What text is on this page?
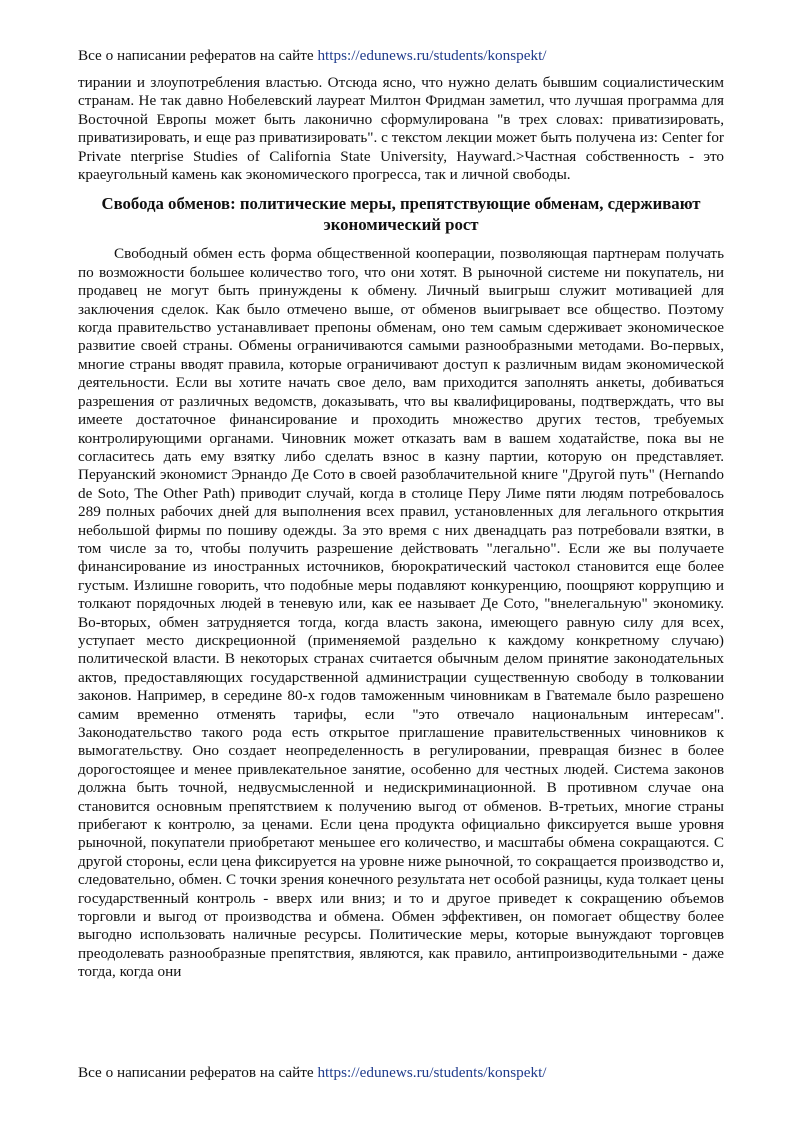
Все о написании рефератов на сайте https://edunews.ru/students/konspekt/

тирании и злоупотребления властью. Отсюда ясно, что нужно делать бывшим социалистическим странам. Не так давно Нобелевский лауреат Милтон Фридман заметил, что лучшая программа для Восточной Европы может быть лаконично сформулирована "в трех словах: приватизировать, приватизировать, и еще раз приватизировать". с текстом лекции может быть получена из: Center for Private nterprise Studies of California State University, Hayward.>Частная собственность - это краеугольный камень как экономического прогресса, так и личной свободы.

Свобода обменов: политические меры, препятствующие обменам, сдерживают экономический рост

Свободный обмен есть форма общественной кооперации, позволяющая партнерам получать по возможности большее количество того, что они хотят. В рыночной системе ни покупатель, ни продавец не могут быть принуждены к обмену. Личный выигрыш служит мотивацией для заключения сделок. Как было отмечено выше, от обменов выигрывает все общество. Поэтому когда правительство устанавливает препоны обменам, оно тем самым сдерживает экономическое развитие своей страны. Обмены ограничиваются самыми разнообразными методами. Во-первых, многие страны вводят правила, которые ограничивают доступ к различным видам экономической деятельности. Если вы хотите начать свое дело, вам приходится заполнять анкеты, добиваться разрешения от различных ведомств, доказывать, что вы квалифицированы, подтверждать, что вы имеете достаточное финансирование и проходить множество других тестов, требуемых контролирующими органами. Чиновник может отказать вам в вашем ходатайстве, пока вы не согласитесь дать ему взятку либо сделать взнос в казну партии, которую он представляет. Перуанский экономист Эрнандо Де Сото в своей разоблачительной книге "Другой путь" (Hernando de Soto, The Other Path) приводит случай, когда в столице Перу Лиме пяти людям потребовалось 289 полных рабочих дней для выполнения всех правил, установленных для легального открытия небольшой фирмы по пошиву одежды. За это время с них двенадцать раз потребовали взятки, в том числе за то, чтобы получить разрешение действовать "легально". Если же вы получаете финансирование из иностранных источников, бюрократический частокол становится еще более густым. Излишне говорить, что подобные меры подавляют конкуренцию, поощряют коррупцию и толкают порядочных людей в теневую или, как ее называет Де Сото, "внелегальную" экономику. Во-вторых, обмен затрудняется тогда, когда власть закона, имеющего равную силу для всех, уступает место дискреционной (применяемой раздельно к каждому конкретному случаю) политической власти. В некоторых странах считается обычным делом принятие законодательных актов, предоставляющих государственной администрации существенную свободу в толковании законов. Например, в середине 80-х годов таможенным чиновникам в Гватемале было разрешено самим временно отменять тарифы, если "это отвечало национальным интересам". Законодательство такого рода есть открытое приглашение правительственных чиновников к вымогательству. Оно создает неопределенность в регулировании, превращая бизнес в более дорогостоящее и менее привлекательное занятие, особенно для честных людей. Система законов должна быть точной, недвусмысленной и недискриминационной. В противном случае она становится основным препятствием к получению выгод от обменов. В-третьих, многие страны прибегают к контролю, за ценами. Если цена продукта официально фиксируется выше уровня рыночной, покупатели приобретают меньшее его количество, и масштабы обмена сокращаются. С другой стороны, если цена фиксируется на уровне ниже рыночной, то сокращается производство и, следовательно, обмен. С точки зрения конечного результата нет особой разницы, куда толкает цены государственный контроль - вверх или вниз; и то и другое приведет к сокращению объемов торговли и выгод от производства и обмена. Обмен эффективен, он помогает обществу более выгодно использовать наличные ресурсы. Политические меры, которые вынуждают торговцев преодолевать разнообразные препятствия, являются, как правило, антипроизводительными - даже тогда, когда они

Все о написании рефератов на сайте https://edunews.ru/students/konspekt/
